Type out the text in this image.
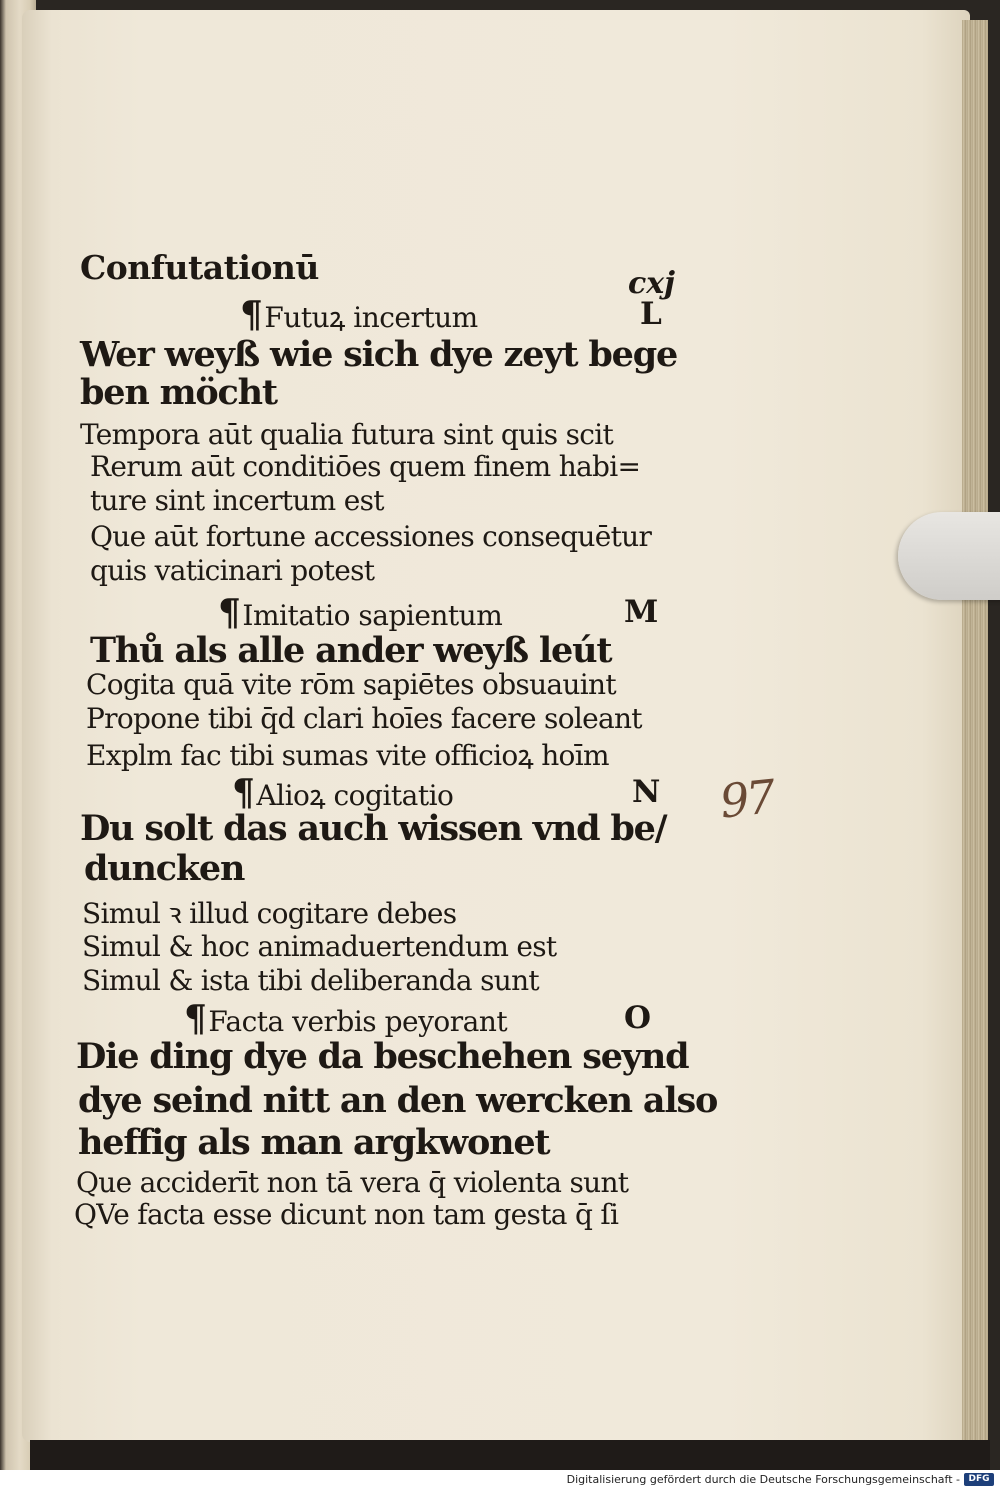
Confutationū	cxj
¶Futuꝝ incertum	L
Wer weyß wie sich dye zeyt bege
ben möcht
Tempora aūt qualia futura sint quis scit
Rerum aūt conditiōes quem finem habi=
ture sint incertum est
Que aūt fortune accessiones consequētur
quis vaticinari potest
¶Imitatio sapientum	M
Thů als alle ander weyß leút
Cogita quā vite rōm sapiētes obsuauint
Propone tibi q̄d clari hoīes facere soleant
Explm fac tibi sumas vite officioꝝ hoīm
¶Alioꝝ cogitatio	N
Du solt das auch wissen vnd be/
duncken
Simul ꝛ illud cogitare debes
Simul & hoc animaduertendum est
Simul & ista tibi deliberanda sunt
¶Facta verbis peyorant	O
Die ding dye da beschehen seynd
dye seind nitt an den wercken also
heffig als man argkwonet
Que acciderīt non tā vera q̄ violenta sunt
QVe facta esse dicunt non tam gesta q̄ ſi
97
Digitalisierung gefördert durch die Deutsche Forschungsgemeinschaft - DFG
